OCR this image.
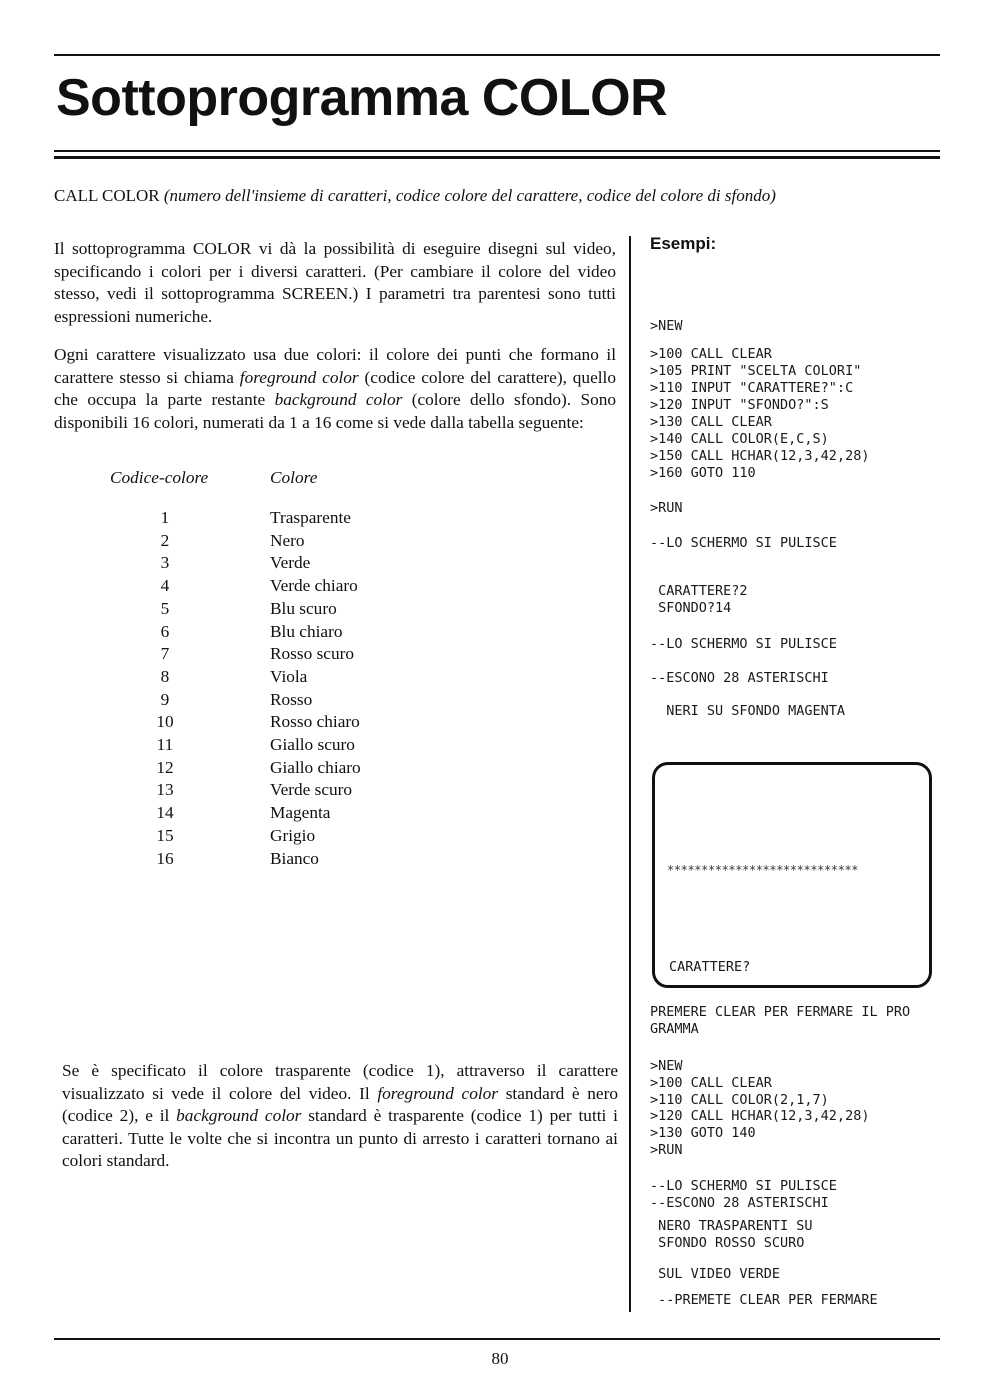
Sottoprogramma COLOR
CALL COLOR (numero dell'insieme di caratteri, codice colore del carattere, codice del colore di sfondo)

Il sottoprogramma COLOR vi dà la possibilità di eseguire disegni sul video, specificando i colori per i diversi caratteri. (Per cambiare il colore del video stesso, vedi il sottoprogramma SCREEN.) I parametri tra parentesi sono tutti espressioni numeriche.

Ogni carattere visualizzato usa due colori: il colore dei punti che formano il carattere stesso si chiama foreground color (codice colore del carattere), quello che occupa la parte restante background color (colore dello sfondo). Sono disponibili 16 colori, numerati da 1 a 16 come si vede dalla tabella seguente:

Codice-colore	Colore
1	Trasparente
2	Nero
3	Verde
4	Verde chiaro
5	Blu scuro
6	Blu chiaro
7	Rosso scuro
8	Viola
9	Rosso
10	Rosso chiaro
11	Giallo scuro
12	Giallo chiaro
13	Verde scuro
14	Magenta
15	Grigio
16	Bianco

Se è specificato il colore trasparente (codice 1), attraverso il carattere visualizzato si vede il colore del video. Il foreground color standard è nero (codice 2), e il background color standard è trasparente (codice 1) per tutti i caratteri. Tutte le volte che si incontra un punto di arresto i caratteri tornano ai colori standard.

Esempi:
>NEW
>100 CALL CLEAR
>105 PRINT "SCELTA COLORI"
>110 INPUT "CARATTERE?":C
>120 INPUT "SFONDO?":S
>130 CALL CLEAR
>140 CALL COLOR(E,C,S)
>150 CALL HCHAR(12,3,42,28)
>160 GOTO 110
>RUN
--LO SCHERMO SI PULISCE
CARATTERE?2
SFONDO?14
--LO SCHERMO SI PULISCE
--ESCONO 28 ASTERISCHI
NERI SU SFONDO MAGENTA
PREMERE CLEAR PER FERMARE IL PRO
GRAMMA
>NEW
>100 CALL CLEAR
>110 CALL COLOR(2,1,7)
>120 CALL HCHAR(12,3,42,28)
>130 GOTO 140
>RUN
--LO SCHERMO SI PULISCE
--ESCONO 28 ASTERISCHI
NERO TRASPARENTI SU
SFONDO ROSSO SCURO
SUL VIDEO VERDE
--PREMETE CLEAR PER FERMARE
****************************
CARATTERE?
80
